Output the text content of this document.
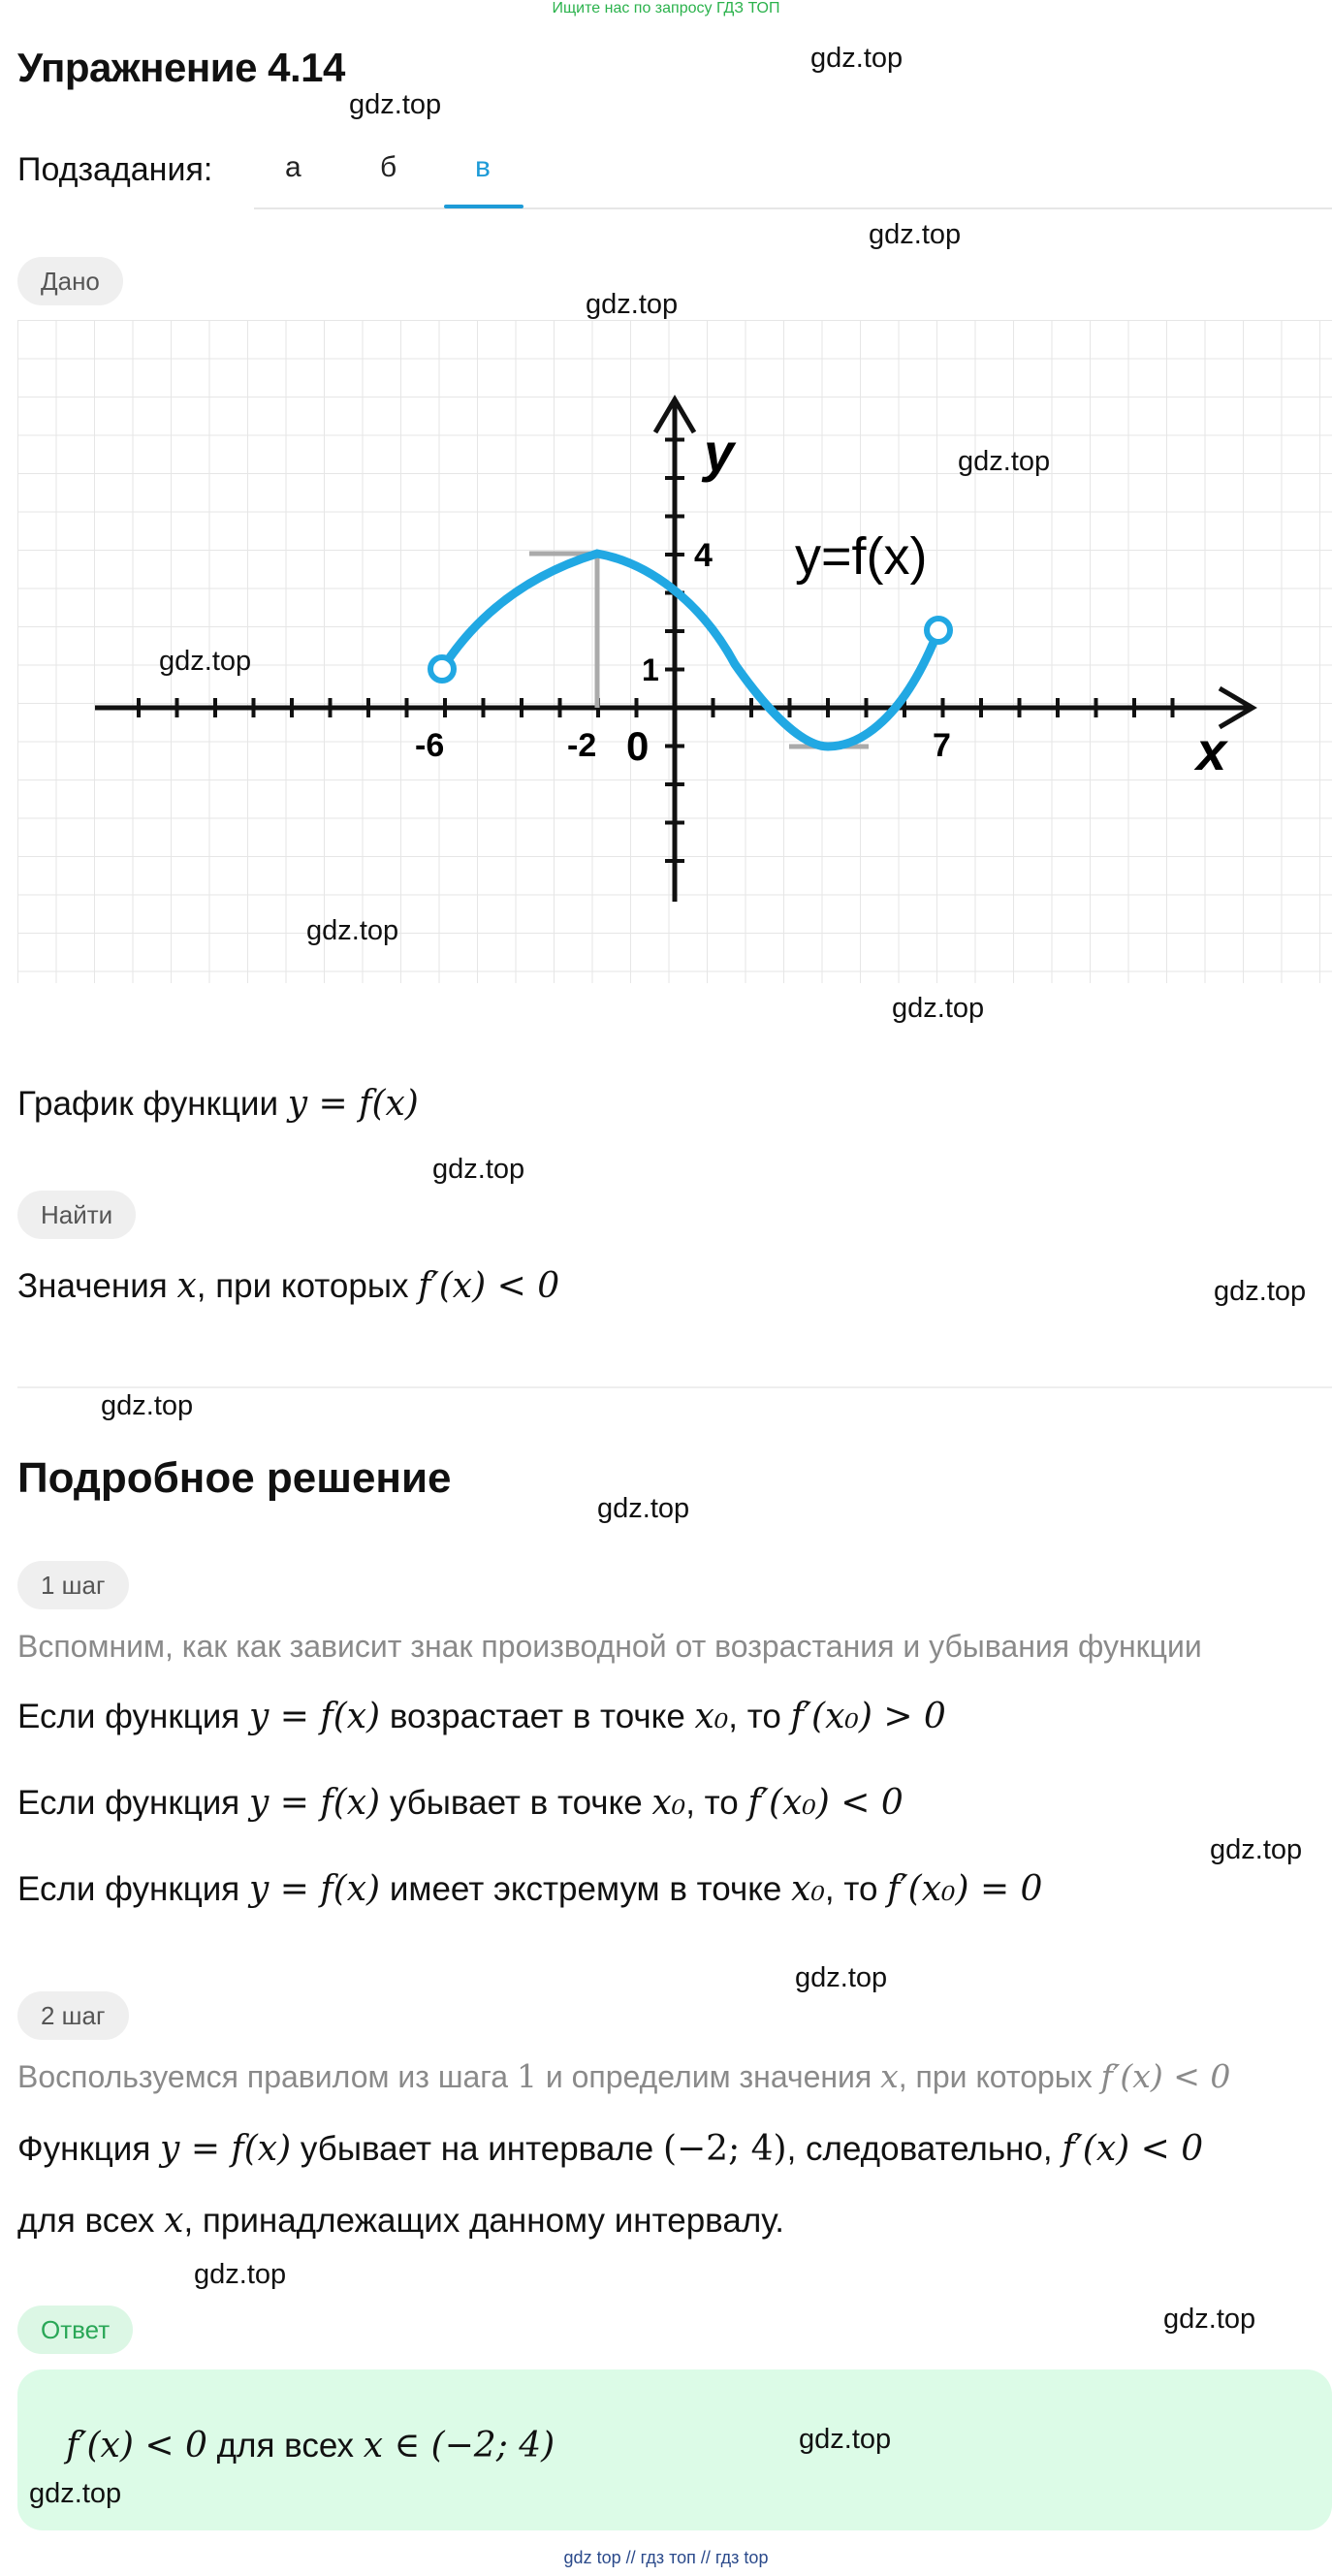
Ищите нас по запросу ГДЗ ТОП
Упражнение 4.14
Подзадания: а	б	в
Дано
y
x
y=f(x)
0
-6	-2	7
1
4
График функции y = f(x)
Найти
Значения x, при которых f′(x) < 0
Подробное решение
1 шаг
Вспомним, как как зависит знак производной от возрастания и убывания функции
Если функция y = f(x) возрастает в точке x₀, то f′(x₀) > 0
Если функция y = f(x) убывает в точке x₀, то f′(x₀) < 0
Если функция y = f(x) имеет экстремум в точке x₀, то f′(x₀) = 0
2 шаг
Воспользуемся правилом из шага 1 и определим значения x, при которых f′(x) < 0
Функция y = f(x) убывает на интервале (−2; 4), следовательно, f′(x) < 0
для всех x, принадлежащих данному интервалу.
Ответ
f′(x) < 0 для всех x ∈ (−2; 4)
gdz.top
gdz.top
gdz.top
gdz.top
gdz.top
gdz.top
gdz.top
gdz.top
gdz.top
gdz.top
gdz.top
gdz.top
gdz.top
gdz.top
gdz.top
gdz.top
gdz.top
gdz.top
gdz top // гдз топ // гдз top
